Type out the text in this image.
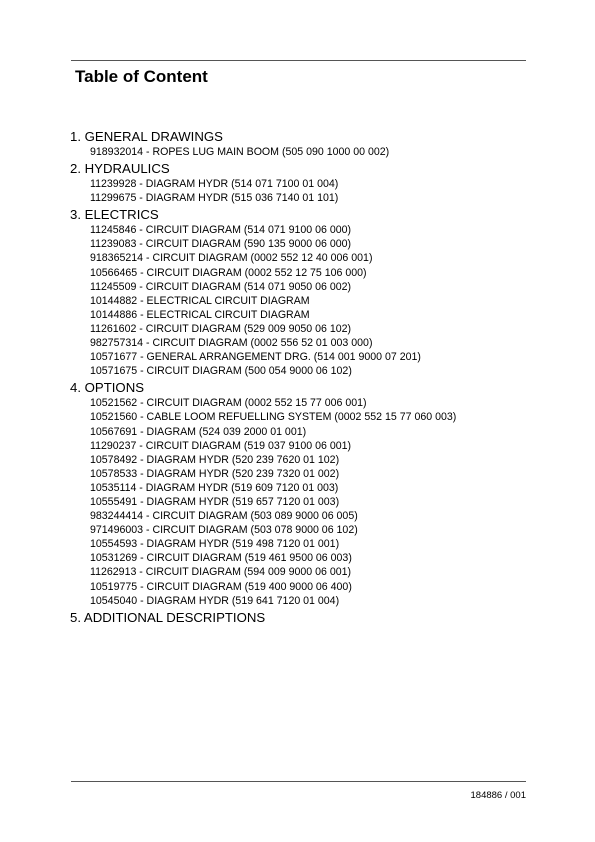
Table of Content
1. GENERAL DRAWINGS
918932014 - ROPES LUG MAIN BOOM (505 090 1000 00 002)
2. HYDRAULICS
11239928 - DIAGRAM HYDR (514 071 7100 01 004)
11299675 - DIAGRAM HYDR (515 036 7140 01 101)
3. ELECTRICS
11245846 - CIRCUIT DIAGRAM (514 071 9100 06 000)
11239083 - CIRCUIT DIAGRAM (590 135 9000 06 000)
918365214 - CIRCUIT DIAGRAM (0002 552 12 40 006 001)
10566465 - CIRCUIT DIAGRAM (0002 552 12 75 106 000)
11245509 - CIRCUIT DIAGRAM (514 071 9050 06 002)
10144882 - ELECTRICAL CIRCUIT DIAGRAM
10144886 - ELECTRICAL CIRCUIT DIAGRAM
11261602 - CIRCUIT DIAGRAM (529 009 9050 06 102)
982757314 - CIRCUIT DIAGRAM (0002 556 52 01 003 000)
10571677 - GENERAL ARRANGEMENT DRG. (514 001 9000 07 201)
10571675 - CIRCUIT DIAGRAM (500 054 9000 06 102)
4. OPTIONS
10521562 - CIRCUIT DIAGRAM (0002 552 15 77 006 001)
10521560 - CABLE LOOM REFUELLING SYSTEM (0002 552 15 77 060 003)
10567691 - DIAGRAM (524 039 2000 01 001)
11290237 - CIRCUIT DIAGRAM (519 037 9100 06 001)
10578492 - DIAGRAM HYDR (520 239 7620 01 102)
10578533 - DIAGRAM HYDR (520 239 7320 01 002)
10535114 - DIAGRAM HYDR (519 609 7120 01 003)
10555491 - DIAGRAM HYDR (519 657 7120 01 003)
983244414 - CIRCUIT DIAGRAM (503 089 9000 06 005)
971496003 - CIRCUIT DIAGRAM (503 078 9000 06 102)
10554593 - DIAGRAM HYDR (519 498 7120 01 001)
10531269 - CIRCUIT DIAGRAM (519 461 9500 06 003)
11262913 - CIRCUIT DIAGRAM (594 009 9000 06 001)
10519775 - CIRCUIT DIAGRAM (519 400 9000 06 400)
10545040 - DIAGRAM HYDR (519 641 7120 01 004)
5. ADDITIONAL DESCRIPTIONS
184886 / 001
